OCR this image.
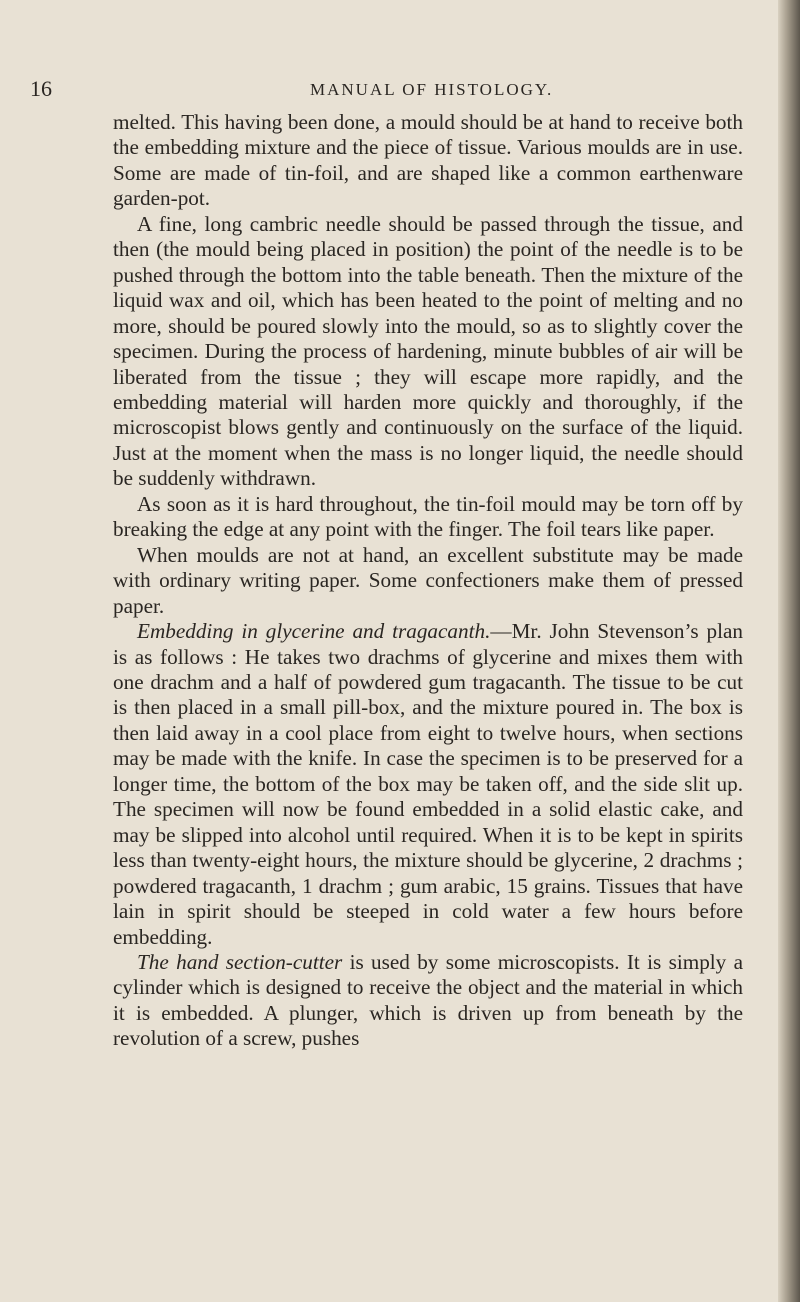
16	MANUAL OF HISTOLOGY.

melted. This having been done, a mould should be at hand to receive both the embedding mixture and the piece of tissue. Various moulds are in use. Some are made of tin-foil, and are shaped like a common earthenware garden-pot.

A fine, long cambric needle should be passed through the tissue, and then (the mould being placed in position) the point of the needle is to be pushed through the bottom into the table beneath. Then the mixture of the liquid wax and oil, which has been heated to the point of melting and no more, should be poured slowly into the mould, so as to slightly cover the specimen. During the process of hardening, minute bubbles of air will be liberated from the tissue ; they will escape more rapidly, and the embedding material will harden more quickly and thoroughly, if the microscopist blows gently and continuously on the surface of the liquid. Just at the moment when the mass is no longer liquid, the needle should be suddenly withdrawn.

As soon as it is hard throughout, the tin-foil mould may be torn off by breaking the edge at any point with the finger. The foil tears like paper.

When moulds are not at hand, an excellent substitute may be made with ordinary writing paper. Some confectioners make them of pressed paper.

Embedding in glycerine and tragacanth.—Mr. John Stevenson’s plan is as follows : He takes two drachms of glycerine and mixes them with one drachm and a half of powdered gum tragacanth. The tissue to be cut is then placed in a small pill-box, and the mixture poured in. The box is then laid away in a cool place from eight to twelve hours, when sections may be made with the knife. In case the specimen is to be preserved for a longer time, the bottom of the box may be taken off, and the side slit up. The specimen will now be found embedded in a solid elastic cake, and may be slipped into alcohol until required. When it is to be kept in spirits less than twenty-eight hours, the mixture should be glycerine, 2 drachms ; powdered tragacanth, 1 drachm ; gum arabic, 15 grains. Tissues that have lain in spirit should be steeped in cold water a few hours before embedding.

The hand section-cutter is used by some microscopists. It is simply a cylinder which is designed to receive the object and the material in which it is embedded. A plunger, which is driven up from beneath by the revolution of a screw, pushes
